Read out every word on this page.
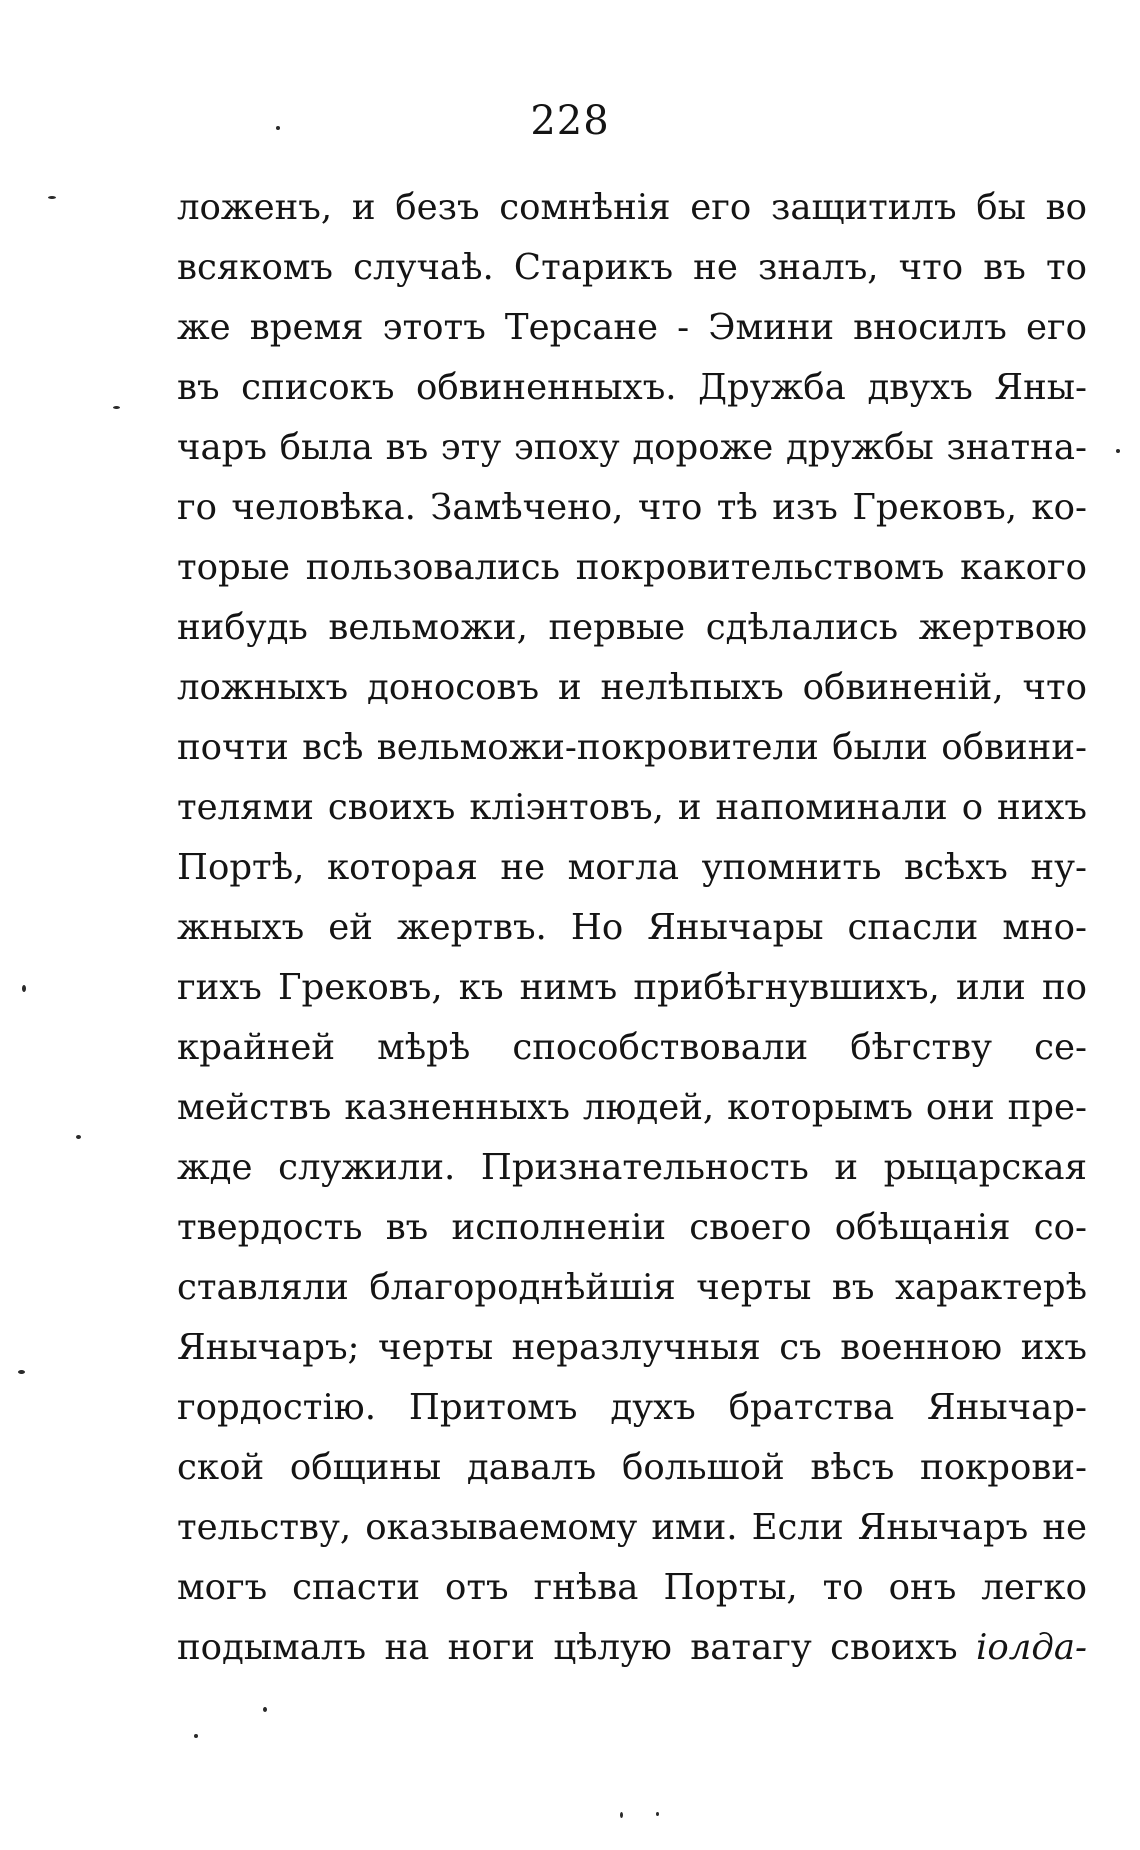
228
ложенъ, и безъ сомнѣнія его защитилъ бы во
всякомъ случаѣ. Старикъ не зналъ, что въ то
же время этотъ Терсане - Эмини вносилъ его
въ списокъ обвиненныхъ. Дружба двухъ Яны-
чаръ была въ эту эпоху дороже дружбы знатна-
го человѣка. Замѣчено, что тѣ изъ Грековъ, ко-
торые пользовались покровительствомъ какого
нибудь вельможи, первые сдѣлались жертвою
ложныхъ доносовъ и нелѣпыхъ обвиненій, что
почти всѣ вельможи-покровители были обвини-
телями своихъ кліэнтовъ, и напоминали о нихъ
Портѣ, которая не могла упомнить всѣхъ ну-
жныхъ ей жертвъ. Но Янычары спасли мно-
гихъ Грековъ, къ нимъ прибѣгнувшихъ, или по
крайней мѣрѣ способствовали бѣгству се-
мействъ казненныхъ людей, которымъ они пре-
жде служили. Признательность и рыцарская
твердость въ исполненіи своего обѣщанія со-
ставляли благороднѣйшія черты въ характерѣ
Янычаръ; черты неразлучныя съ военною ихъ
гордостію. Притомъ духъ братства Янычар-
ской общины давалъ большой вѣсъ покрови-
тельству, оказываемому ими. Если Янычаръ не
могъ спасти отъ гнѣва Порты, то онъ легко
подымалъ на ноги цѣлую ватагу своихъ іолда-
